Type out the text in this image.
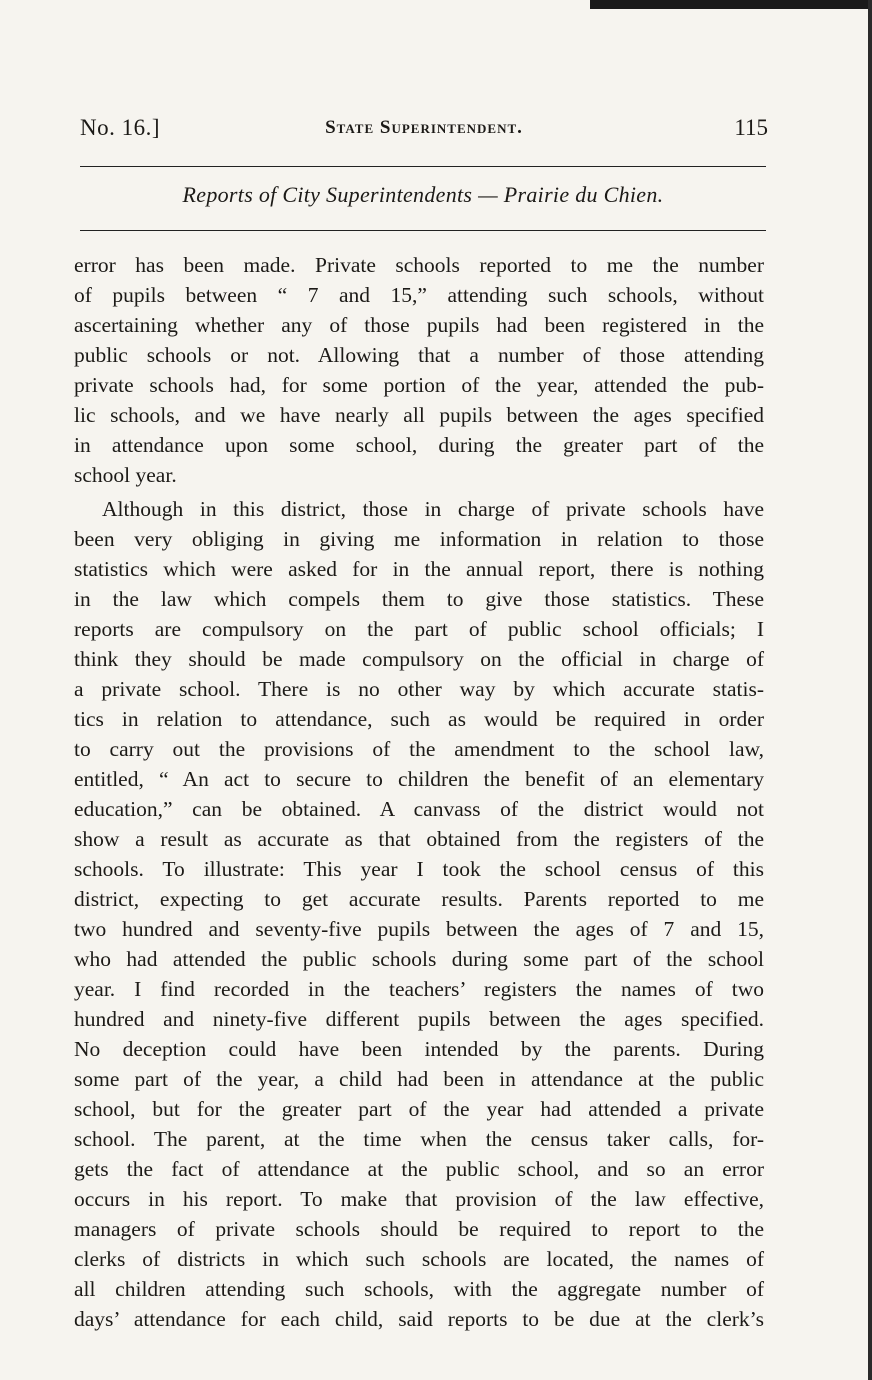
No. 16.]	State Superintendent.	115
Reports of City Superintendents — Prairie du Chien.
error has been made. Private schools reported to me the number
of pupils between “ 7 and 15,” attending such schools, without
ascertaining whether any of those pupils had been registered in the
public schools or not. Allowing that a number of those attending
private schools had, for some portion of the year, attended the pub-
lic schools, and we have nearly all pupils between the ages specified
in attendance upon some school, during the greater part of the
school year.
Although in this district, those in charge of private schools have
been very obliging in giving me information in relation to those
statistics which were asked for in the annual report, there is nothing
in the law which compels them to give those statistics. These
reports are compulsory on the part of public school officials; I
think they should be made compulsory on the official in charge of
a private school. There is no other way by which accurate statis-
tics in relation to attendance, such as would be required in order
to carry out the provisions of the amendment to the school law,
entitled, “ An act to secure to children the benefit of an elementary
education,” can be obtained. A canvass of the district would not
show a result as accurate as that obtained from the registers of the
schools. To illustrate: This year I took the school census of this
district, expecting to get accurate results. Parents reported to me
two hundred and seventy-five pupils between the ages of 7 and 15,
who had attended the public schools during some part of the school
year. I find recorded in the teachers’ registers the names of two
hundred and ninety-five different pupils between the ages specified.
No deception could have been intended by the parents. During
some part of the year, a child had been in attendance at the public
school, but for the greater part of the year had attended a private
school. The parent, at the time when the census taker calls, for-
gets the fact of attendance at the public school, and so an error
occurs in his report. To make that provision of the law effective,
managers of private schools should be required to report to the
clerks of districts in which such schools are located, the names of
all children attending such schools, with the aggregate number of
days’ attendance for each child, said reports to be due at the clerk’s
